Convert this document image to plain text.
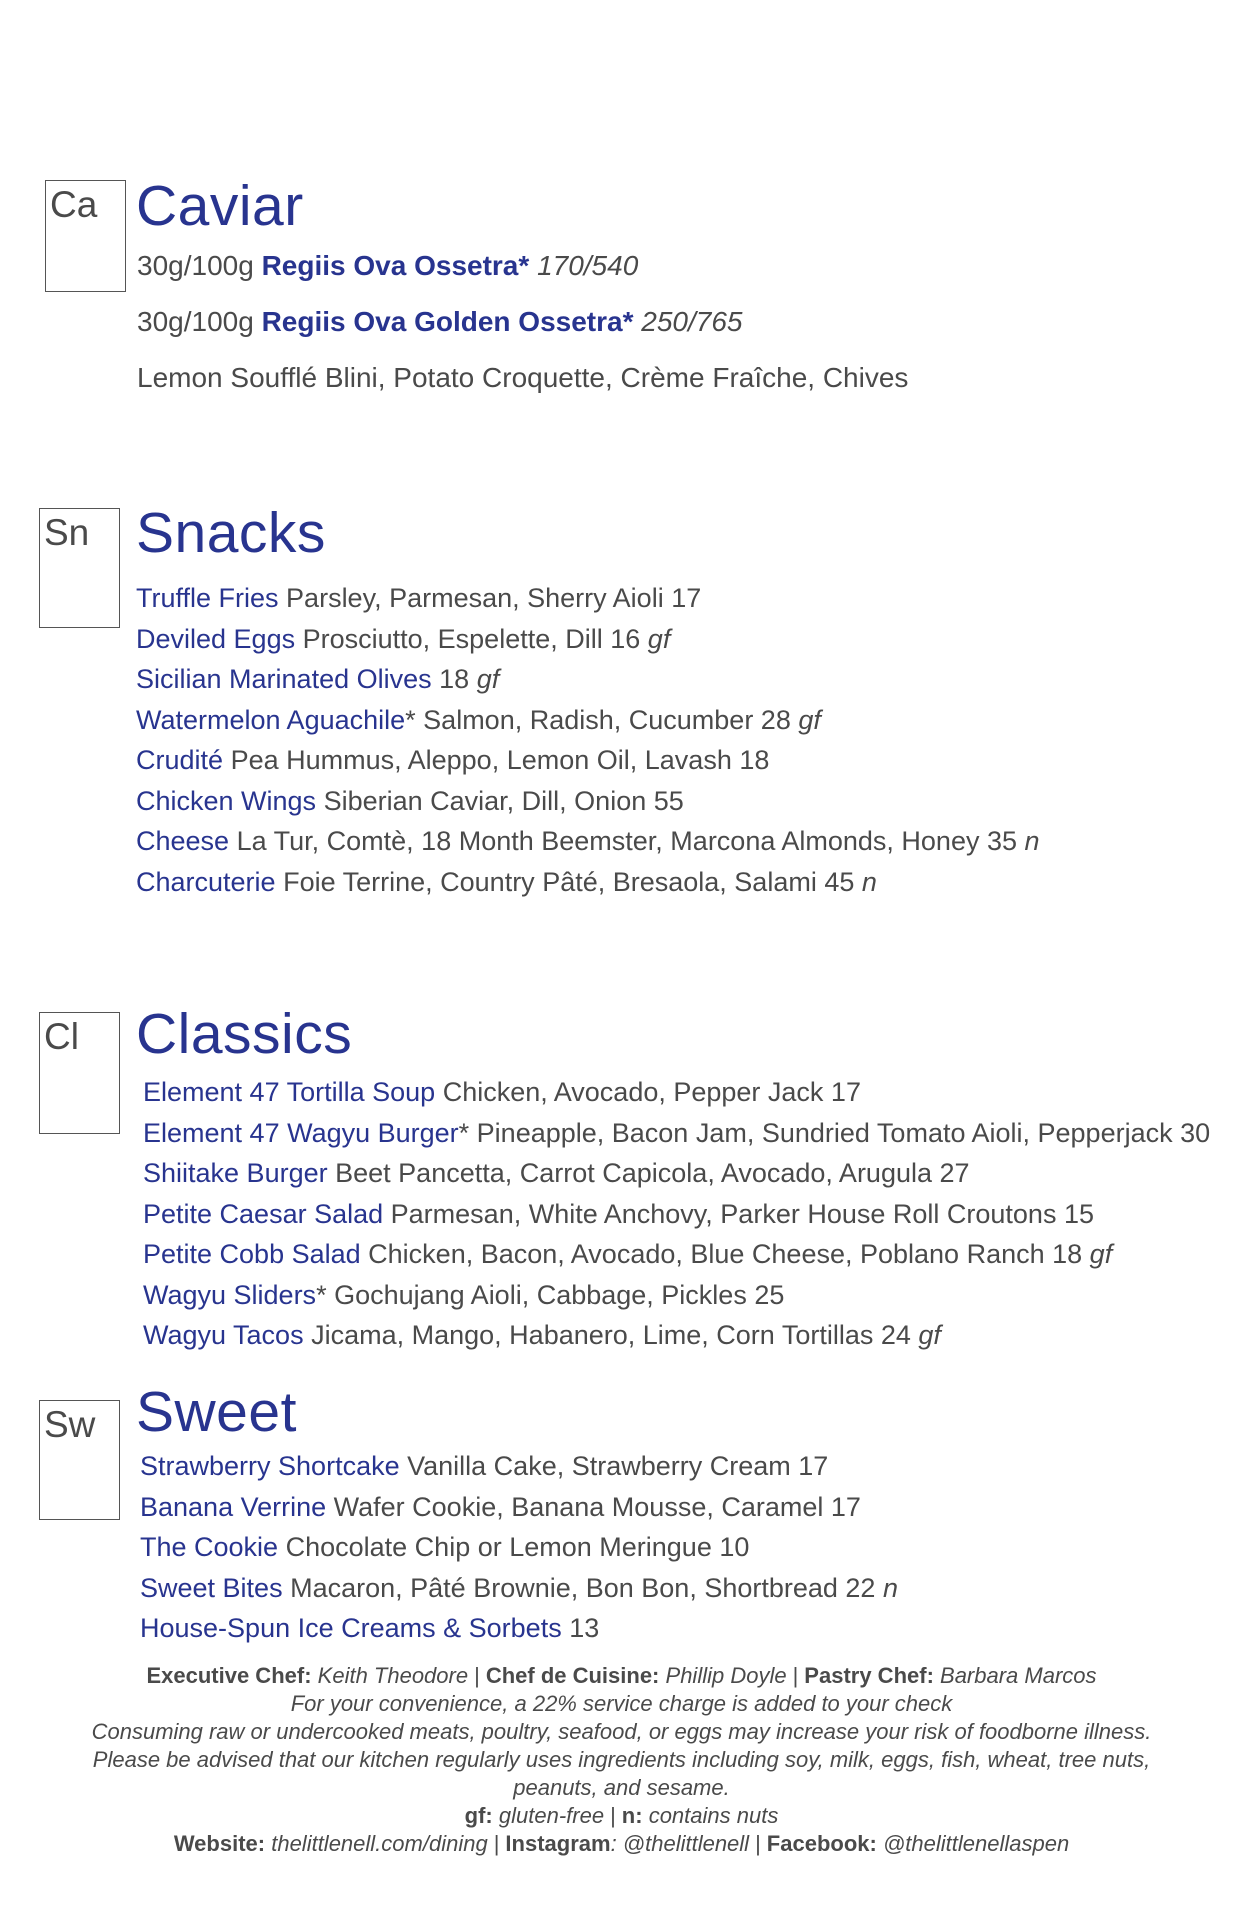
Ca Caviar
30g/100g Regiis Ova Ossetra* 170/540
30g/100g Regiis Ova Golden Ossetra* 250/765
Lemon Soufflé Blini, Potato Croquette, Crème Fraîche, Chives
Sn Snacks
Truffle Fries Parsley, Parmesan, Sherry Aioli 17
Deviled Eggs Prosciutto, Espelette, Dill 16 gf
Sicilian Marinated Olives 18 gf
Watermelon Aguachile* Salmon, Radish, Cucumber 28 gf
Crudité Pea Hummus, Aleppo, Lemon Oil, Lavash 18
Chicken Wings Siberian Caviar, Dill, Onion 55
Cheese La Tur, Comtè, 18 Month Beemster, Marcona Almonds, Honey 35 n
Charcuterie Foie Terrine, Country Pâté, Bresaola, Salami 45 n
Cl	Classics
Element 47 Tortilla Soup Chicken, Avocado, Pepper Jack 17
Element 47 Wagyu Burger* Pineapple, Bacon Jam, Sundried Tomato Aioli, Pepperjack 30
Shiitake Burger Beet Pancetta, Carrot Capicola, Avocado, Arugula 27
Petite Caesar Salad Parmesan, White Anchovy, Parker House Roll Croutons 15
Petite Cobb Salad Chicken, Bacon, Avocado, Blue Cheese, Poblano Ranch 18 gf
Wagyu Sliders* Gochujang Aioli, Cabbage, Pickles 25
Wagyu Tacos Jicama, Mango, Habanero, Lime, Corn Tortillas 24 gf
Sw Sweet
Strawberry Shortcake Vanilla Cake, Strawberry Cream 17
Banana Verrine Wafer Cookie, Banana Mousse, Caramel 17
The Cookie Chocolate Chip or Lemon Meringue 10
Sweet Bites Macaron, Pâté Brownie, Bon Bon, Shortbread 22 n
House-Spun Ice Creams & Sorbets 13
Executive Chef: Keith Theodore | Chef de Cuisine: Phillip Doyle | Pastry Chef: Barbara Marcos
For your convenience, a 22% service charge is added to your check
Consuming raw or undercooked meats, poultry, seafood, or eggs may increase your risk of foodborne illness.
Please be advised that our kitchen regularly uses ingredients including soy, milk, eggs, fish, wheat, tree nuts,
peanuts, and sesame.
gf: gluten-free | n: contains nuts
Website: thelittlenell.com/dining | Instagram: @thelittlenell | Facebook: @thelittlenellaspen
